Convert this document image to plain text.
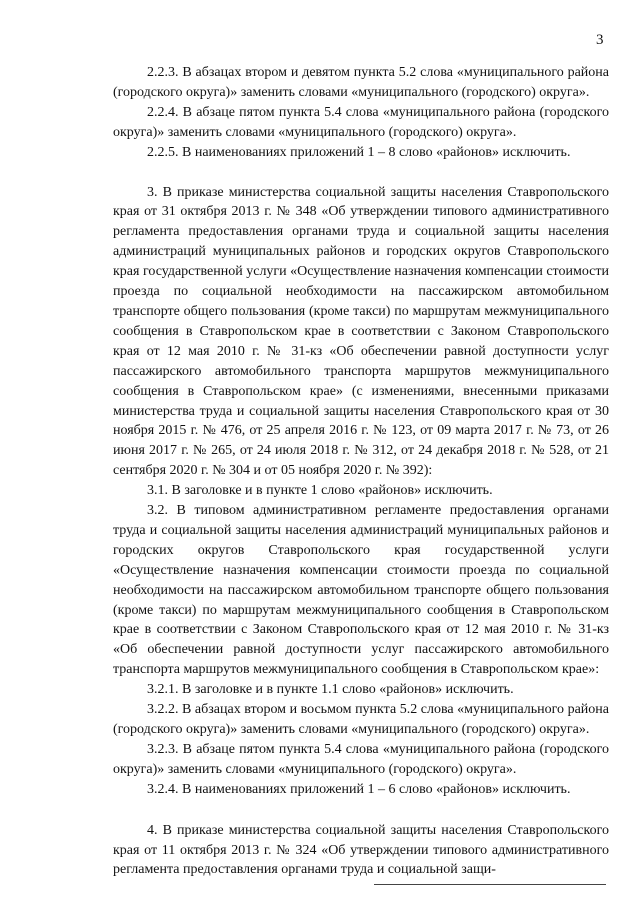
3

2.2.3. В абзацах втором и девятом пункта 5.2 слова «муниципального района (городского округа)» заменить словами «муниципального (городского) округа».

2.2.4. В абзаце пятом пункта 5.4 слова «муниципального района (городского округа)» заменить словами «муниципального (городского) округа».

2.2.5. В наименованиях приложений 1 – 8 слово «районов» исключить.

3. В приказе министерства социальной защиты населения Ставропольского края от 31 октября 2013 г. № 348 «Об утверждении типового административного регламента предоставления органами труда и социальной защиты населения администраций муниципальных районов и городских округов Ставропольского края государственной услуги «Осуществление назначения компенсации стоимости проезда по социальной необходимости на пассажирском автомобильном транспорте общего пользования (кроме такси) по маршрутам межмуниципального сообщения в Ставропольском крае в соответствии с Законом Ставропольского края от 12 мая 2010 г. № 31-кз «Об обеспечении равной доступности услуг пассажирского автомобильного транспорта маршрутов межмуниципального сообщения в Ставропольском крае» (с изменениями, внесенными приказами министерства труда и социальной защиты населения Ставропольского края от 30 ноября 2015 г. № 476, от 25 апреля 2016 г. № 123, от 09 марта 2017 г. № 73, от 26 июня 2017 г. № 265, от 24 июля 2018 г. № 312, от 24 декабря 2018 г. № 528, от 21 сентября 2020 г. № 304 и от 05 ноября 2020 г. № 392):

3.1. В заголовке и в пункте 1 слово «районов» исключить.

3.2. В типовом административном регламенте предоставления органами труда и социальной защиты населения администраций муниципальных районов и городских округов Ставропольского края государственной услуги «Осуществление назначения компенсации стоимости проезда по социальной необходимости на пассажирском автомобильном транспорте общего пользования (кроме такси) по маршрутам межмуниципального сообщения в Ставропольском крае в соответствии с Законом Ставропольского края от 12 мая 2010 г. № 31-кз «Об обеспечении равной доступности услуг пассажирского автомобильного транспорта маршрутов межмуниципального сообщения в Ставропольском крае»:

3.2.1. В заголовке и в пункте 1.1 слово «районов» исключить.

3.2.2. В абзацах втором и восьмом пункта 5.2 слова «муниципального района (городского округа)» заменить словами «муниципального (городского) округа».

3.2.3. В абзаце пятом пункта 5.4 слова «муниципального района (городского округа)» заменить словами «муниципального (городского) округа».

3.2.4. В наименованиях приложений 1 – 6 слово «районов» исключить.

4. В приказе министерства социальной защиты населения Ставропольского края от 11 октября 2013 г. № 324 «Об утверждении типового административного регламента предоставления органами труда и социальной защи-
